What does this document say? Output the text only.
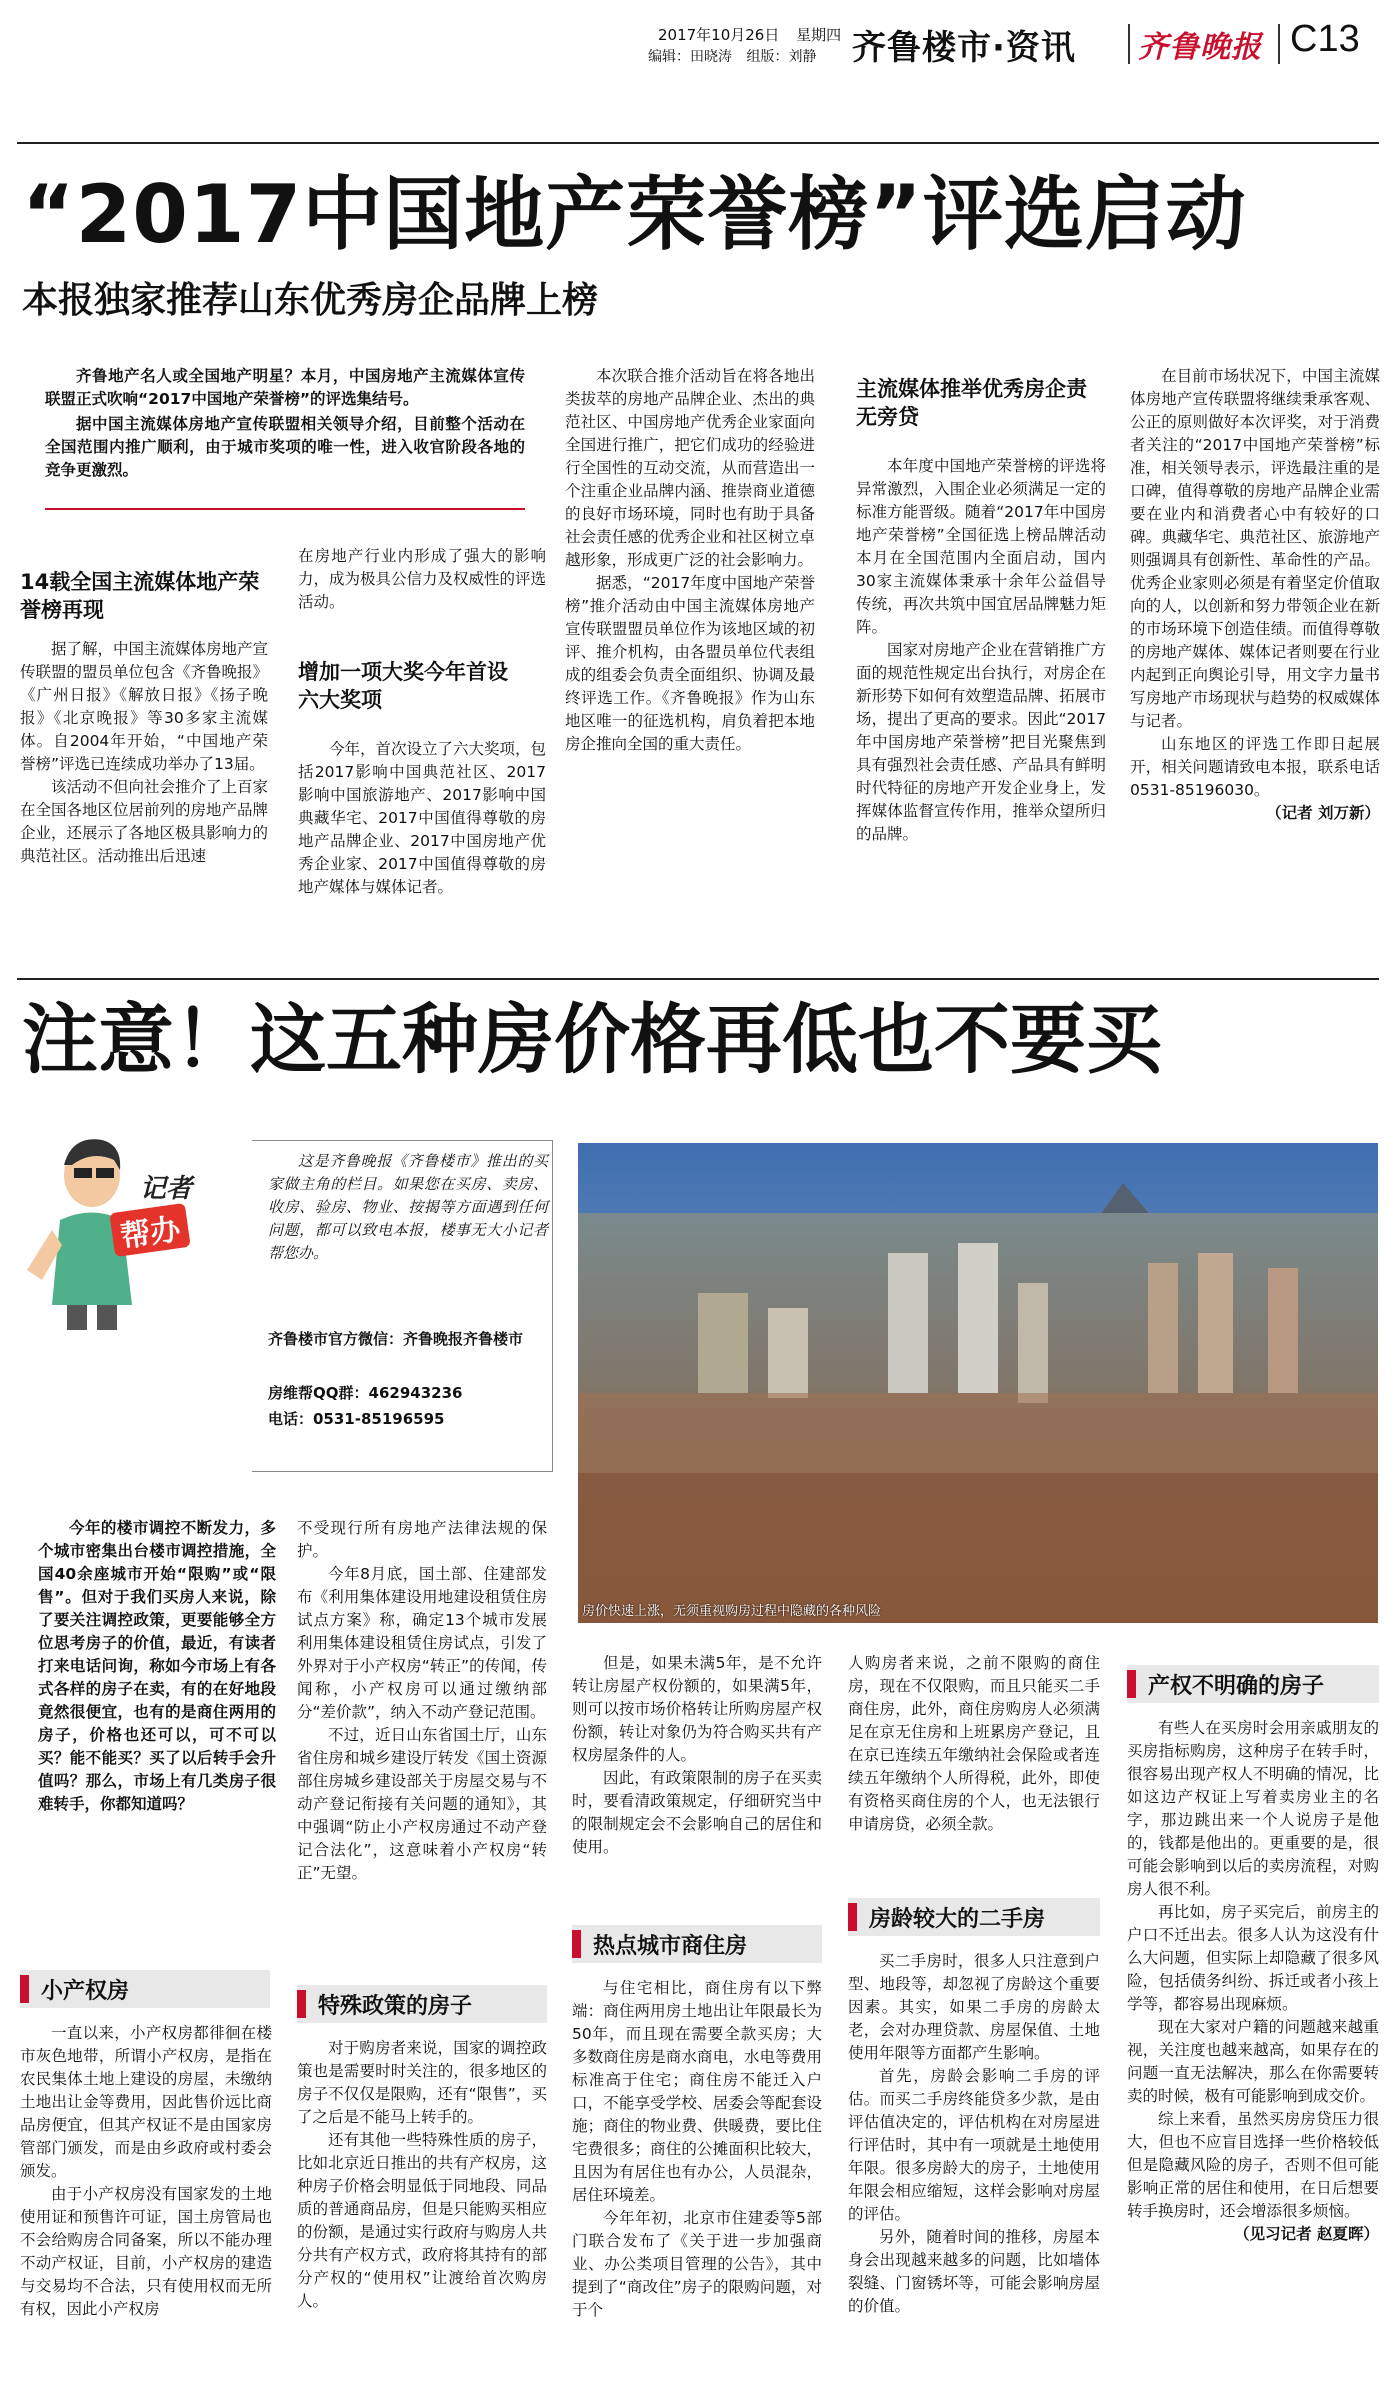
2017年10月26日 星期四
编辑：田晓涛 组版：刘静 齐鲁楼市·资讯 齐鲁晚报 C13
“2017中国地产荣誉榜”评选启动
本报独家推荐山东优秀房企品牌上榜

齐鲁地产名人或全国地产明星？本月，中国房地产主流媒体宣传联盟正式吹响“2017中国地产荣誉榜”的评选集结号。

据中国主流媒体房地产宣传联盟相关领导介绍，目前整个活动在全国范围内推广顺利，由于城市奖项的唯一性，进入收官阶段各地的竞争更激烈。

14载全国主流媒体地产荣誉榜再现

据了解，中国主流媒体房地产宣传联盟的盟员单位包含《齐鲁晚报》《广州日报》《解放日报》《扬子晚报》《北京晚报》等30多家主流媒体。自2004年开始，“中国地产荣誉榜”评选已连续成功举办了13届。

该活动不但向社会推介了上百家在全国各地区位居前列的房地产品牌企业，还展示了各地区极具影响力的典范社区。活动推出后迅速

在房地产行业内形成了强大的影响力，成为极具公信力及权威性的评选活动。

增加一项大奖今年首设六大奖项

今年，首次设立了六大奖项，包括2017影响中国典范社区、2017影响中国旅游地产、2017影响中国典藏华宅、2017中国值得尊敬的房地产品牌企业、2017中国房地产优秀企业家、2017中国值得尊敬的房地产媒体与媒体记者。

本次联合推介活动旨在将各地出类拔萃的房地产品牌企业、杰出的典范社区、中国房地产优秀企业家面向全国进行推广，把它们成功的经验进行全国性的互动交流，从而营造出一个注重企业品牌内涵、推崇商业道德的良好市场环境，同时也有助于具备社会责任感的优秀企业和社区树立卓越形象，形成更广泛的社会影响力。

据悉，“2017年度中国地产荣誉榜”推介活动由中国主流媒体房地产宣传联盟盟员单位作为该地区域的初评、推介机构，由各盟员单位代表组成的组委会负责全面组织、协调及最终评选工作。《齐鲁晚报》作为山东地区唯一的征选机构，肩负着把本地房企推向全国的重大责任。

主流媒体推举优秀房企责无旁贷

本年度中国地产荣誉榜的评选将异常激烈，入围企业必须满足一定的标准方能晋级。随着“2017年中国房地产荣誉榜”全国征选上榜品牌活动本月在全国范围内全面启动，国内30家主流媒体秉承十余年公益倡导传统，再次共筑中国宜居品牌魅力矩阵。

国家对房地产企业在营销推广方面的规范性规定出台执行，对房企在新形势下如何有效塑造品牌、拓展市场，提出了更高的要求。因此“2017年中国房地产荣誉榜”把目光聚焦到具有强烈社会责任感、产品具有鲜明时代特征的房地产开发企业身上，发挥媒体监督宣传作用，推举众望所归的品牌。

在目前市场状况下，中国主流媒体房地产宣传联盟将继续秉承客观、公正的原则做好本次评奖，对于消费者关注的“2017中国地产荣誉榜”标准，相关领导表示，评选最注重的是口碑，值得尊敬的房地产品牌企业需要在业内和消费者心中有较好的口碑。典藏华宅、典范社区、旅游地产则强调具有创新性、革命性的产品。优秀企业家则必须是有着坚定价值取向的人，以创新和努力带领企业在新的市场环境下创造佳绩。而值得尊敬的房地产媒体、媒体记者则要在行业内起到正向舆论引导，用文字力量书写房地产市场现状与趋势的权威媒体与记者。

山东地区的评选工作即日起展开，相关问题请致电本报，联系电话0531-85196030。

（记者 刘万新）

注意！这五种房价格再低也不要买
记者
帮办
这是齐鲁晚报《齐鲁楼市》推出的买家做主角的栏目。如果您在买房、卖房、收房、验房、物业、按揭等方面遇到任何问题，都可以致电本报，楼事无大小记者帮您办。
齐鲁楼市官方微信：齐鲁晚报齐鲁楼市
房维帮QQ群：462943236
电话：0531-85196595
房价快速上涨，无须重视购房过程中隐藏的各种风险
今年的楼市调控不断发力，多个城市密集出台楼市调控措施，全国40余座城市开始“限购”或“限售”。但对于我们买房人来说，除了要关注调控政策，更要能够全方位思考房子的价值，最近，有读者打来电话问询，称如今市场上有各式各样的房子在卖，有的在好地段竟然很便宜，也有的是商住两用的房子，价格也还可以，可不可以买？能不能买？买了以后转手会升值吗？那么，市场上有几类房子很难转手，你都知道吗？
小产权房

一直以来，小产权房都徘徊在楼市灰色地带，所谓小产权房，是指在农民集体土地上建设的房屋，未缴纳土地出让金等费用，因此售价远比商品房便宜，但其产权证不是由国家房管部门颁发，而是由乡政府或村委会颁发。

由于小产权房没有国家发的土地使用证和预售许可证，国土房管局也不会给购房合同备案，所以不能办理不动产权证，目前，小产权房的建造与交易均不合法，只有使用权而无所有权，因此小产权房

不受现行所有房地产法律法规的保护。

今年8月底，国土部、住建部发布《利用集体建设用地建设租赁住房试点方案》称，确定13个城市发展利用集体建设租赁住房试点，引发了外界对于小产权房“转正”的传闻，传闻称，小产权房可以通过缴纳部分“差价款”，纳入不动产登记范围。

不过，近日山东省国土厅，山东省住房和城乡建设厅转发《国土资源部住房城乡建设部关于房屋交易与不动产登记衔接有关问题的通知》，其中强调“防止小产权房通过不动产登记合法化”，这意味着小产权房“转正”无望。

特殊政策的房子

对于购房者来说，国家的调控政策也是需要时时关注的，很多地区的房子不仅仅是限购，还有“限售”，买了之后是不能马上转手的。

还有其他一些特殊性质的房子，比如北京近日推出的共有产权房，这种房子价格会明显低于同地段、同品质的普通商品房，但是只能购买相应的份额，是通过实行政府与购房人共分共有产权方式，政府将其持有的部分产权的“使用权”让渡给首次购房人。

但是，如果未满5年，是不允许转让房屋产权份额的，如果满5年，则可以按市场价格转让所购房屋产权份额，转让对象仍为符合购买共有产权房屋条件的人。

因此，有政策限制的房子在买卖时，要看清政策规定，仔细研究当中的限制规定会不会影响自己的居住和使用。

热点城市商住房

与住宅相比，商住房有以下弊端：商住两用房土地出让年限最长为50年，而且现在需要全款买房；大多数商住房是商水商电，水电等费用标准高于住宅；商住房不能迁入户口，不能享受学校、居委会等配套设施；商住的物业费、供暖费，要比住宅费很多；商住的公摊面积比较大，且因为有居住也有办公，人员混杂，居住环境差。

今年年初，北京市住建委等5部门联合发布了《关于进一步加强商业、办公类项目管理的公告》，其中提到了“商改住”房子的限购问题，对于个

人购房者来说，之前不限购的商住房，现在不仅限购，而且只能买二手商住房，此外，商住房购房人必须满足在京无住房和上班累房产登记，且在京已连续五年缴纳社会保险或者连续五年缴纳个人所得税，此外，即使有资格买商住房的个人，也无法银行申请房贷，必须全款。

房龄较大的二手房

买二手房时，很多人只注意到户型、地段等，却忽视了房龄这个重要因素。其实，如果二手房的房龄太老，会对办理贷款、房屋保值、土地使用年限等方面都产生影响。

首先，房龄会影响二手房的评估。而买二手房终能贷多少款，是由评估值决定的，评估机构在对房屋进行评估时，其中有一项就是土地使用年限。很多房龄大的房子，土地使用年限会相应缩短，这样会影响对房屋的评估。

另外，随着时间的推移，房屋本身会出现越来越多的问题，比如墙体裂缝、门窗锈坏等，可能会影响房屋的价值。

产权不明确的房子

有些人在买房时会用亲戚朋友的买房指标购房，这种房子在转手时，很容易出现产权人不明确的情况，比如这边产权证上写着卖房业主的名字，那边跳出来一个人说房子是他的，钱都是他出的。更重要的是，很可能会影响到以后的卖房流程，对购房人很不利。

再比如，房子买完后，前房主的户口不迁出去。很多人认为这没有什么大问题，但实际上却隐藏了很多风险，包括债务纠纷、拆迁或者小孩上学等，都容易出现麻烦。

现在大家对户籍的问题越来越重视，关注度也越来越高，如果存在的问题一直无法解决，那么在你需要转卖的时候，极有可能影响到成交价。

综上来看，虽然买房房贷压力很大，但也不应盲目选择一些价格较低但是隐藏风险的房子，否则不但可能影响正常的居住和使用，在日后想要转手换房时，还会增添很多烦恼。

（见习记者 赵夏晖）
